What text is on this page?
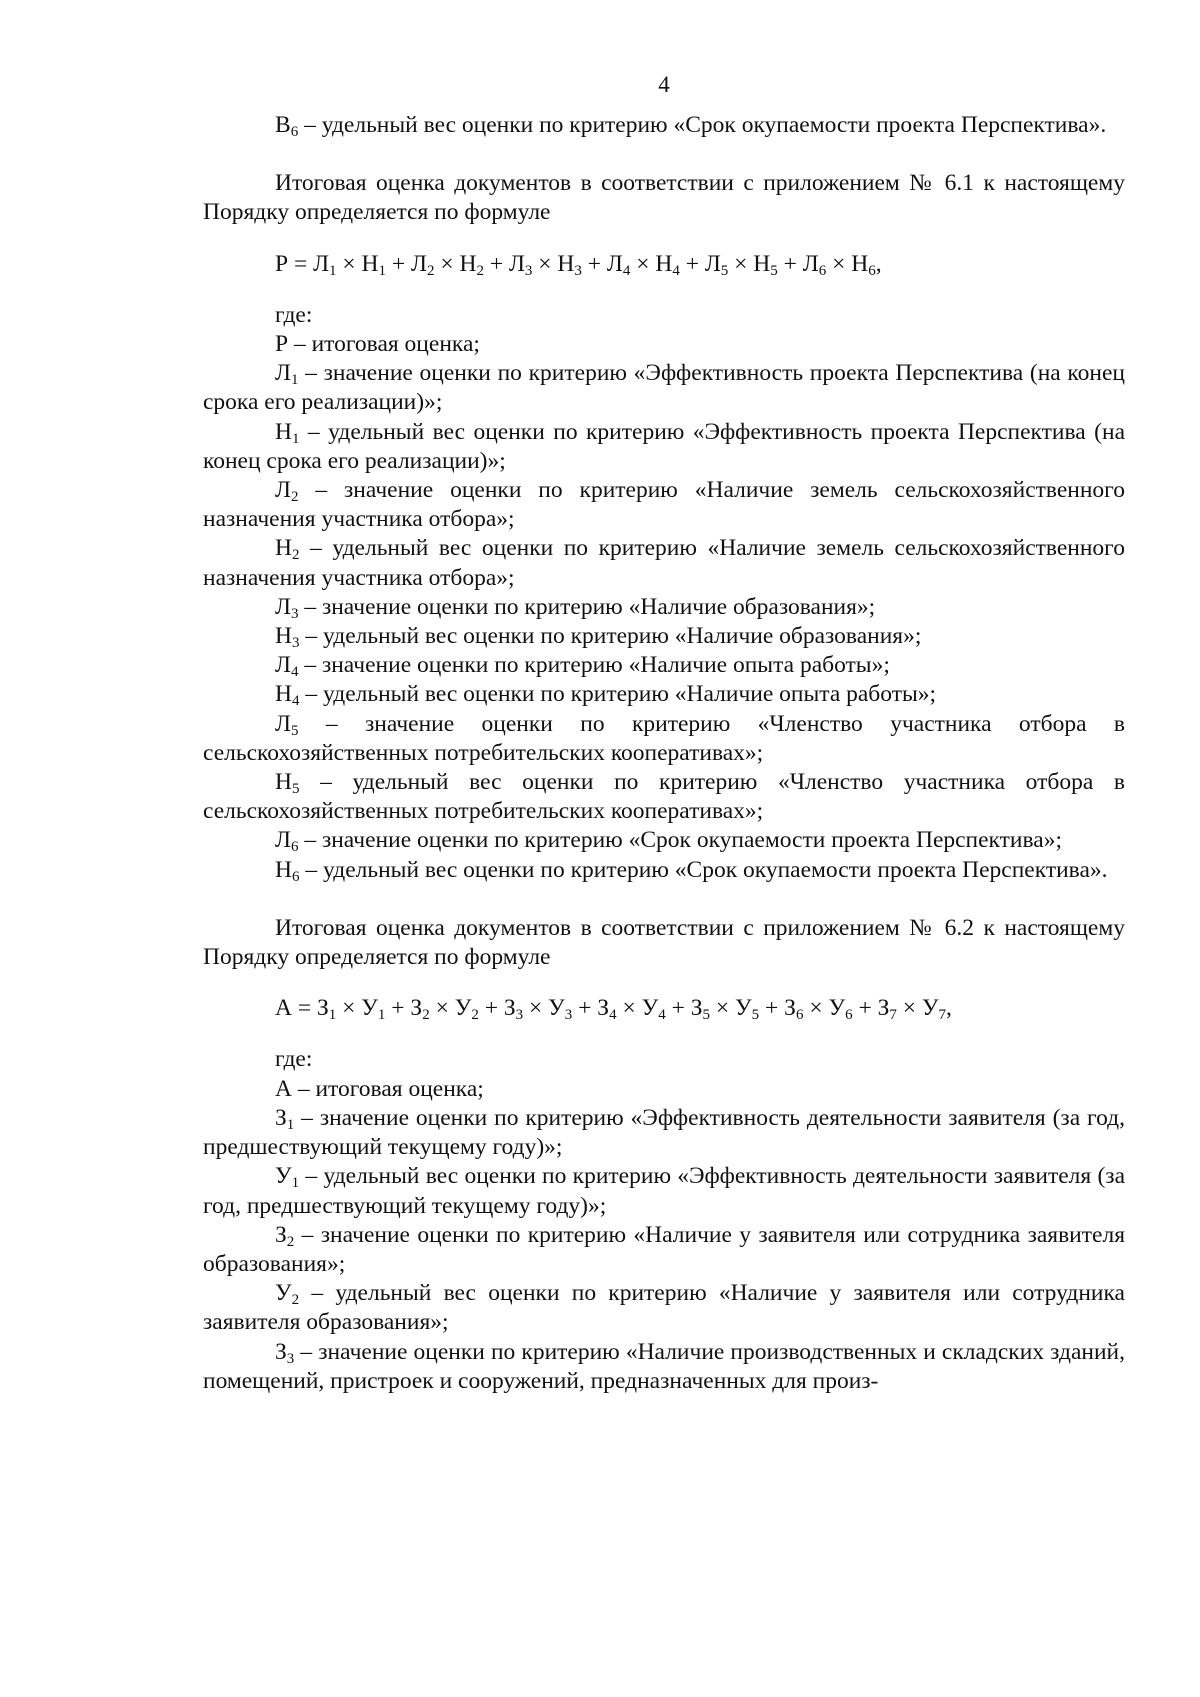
4

$В_6$ – удельный вес оценки по критерию «Срок окупаемости проекта Перспектива».

Итоговая оценка документов в соответствии с приложением № 6.1 к настоящему Порядку определяется по формуле

$Р = Л_1 \times Н_1 + Л_2 \times Н_2 + Л_3 \times Н_3 + Л_4 \times Н_4 + Л_5 \times Н_5 + Л_6 \times Н_6$,

где:

Р – итоговая оценка;

$Л_1$ – значение оценки по критерию «Эффективность проекта Перспектива (на конец срока его реализации)»;

$Н_1$ – удельный вес оценки по критерию «Эффективность проекта Перспектива (на конец срока его реализации)»;

$Л_2$ – значение оценки по критерию «Наличие земель сельскохозяйственного назначения участника отбора»;

$Н_2$ – удельный вес оценки по критерию «Наличие земель сельскохозяйственного назначения участника отбора»;

$Л_3$ – значение оценки по критерию «Наличие образования»;

$Н_3$ – удельный вес оценки по критерию «Наличие образования»;

$Л_4$ – значение оценки по критерию «Наличие опыта работы»;

$Н_4$ – удельный вес оценки по критерию «Наличие опыта работы»;

$Л_5$ – значение оценки по критерию «Членство участника отбора в сельскохозяйственных потребительских кооперативах»;

$Н_5$ – удельный вес оценки по критерию «Членство участника отбора в сельскохозяйственных потребительских кооперативах»;

$Л_6$ – значение оценки по критерию «Срок окупаемости проекта Перспектива»;

$Н_6$ – удельный вес оценки по критерию «Срок окупаемости проекта Перспектива».

Итоговая оценка документов в соответствии с приложением № 6.2 к настоящему Порядку определяется по формуле

$А = З_1 \times У_1 + З_2 \times У_2 + З_3 \times У_3 + З_4 \times У_4 + З_5 \times У_5 + З_6 \times У_6 + З_7 \times У_7$,

где:

А – итоговая оценка;

$З_1$ – значение оценки по критерию «Эффективность деятельности заявителя (за год, предшествующий текущему году)»;

$У_1$ – удельный вес оценки по критерию «Эффективность деятельности заявителя (за год, предшествующий текущему году)»;

$З_2$ – значение оценки по критерию «Наличие у заявителя или сотрудника заявителя образования»;

$У_2$ – удельный вес оценки по критерию «Наличие у заявителя или сотрудника заявителя образования»;

$З_3$ – значение оценки по критерию «Наличие производственных и складских зданий, помещений, пристроек и сооружений, предназначенных для произ-
